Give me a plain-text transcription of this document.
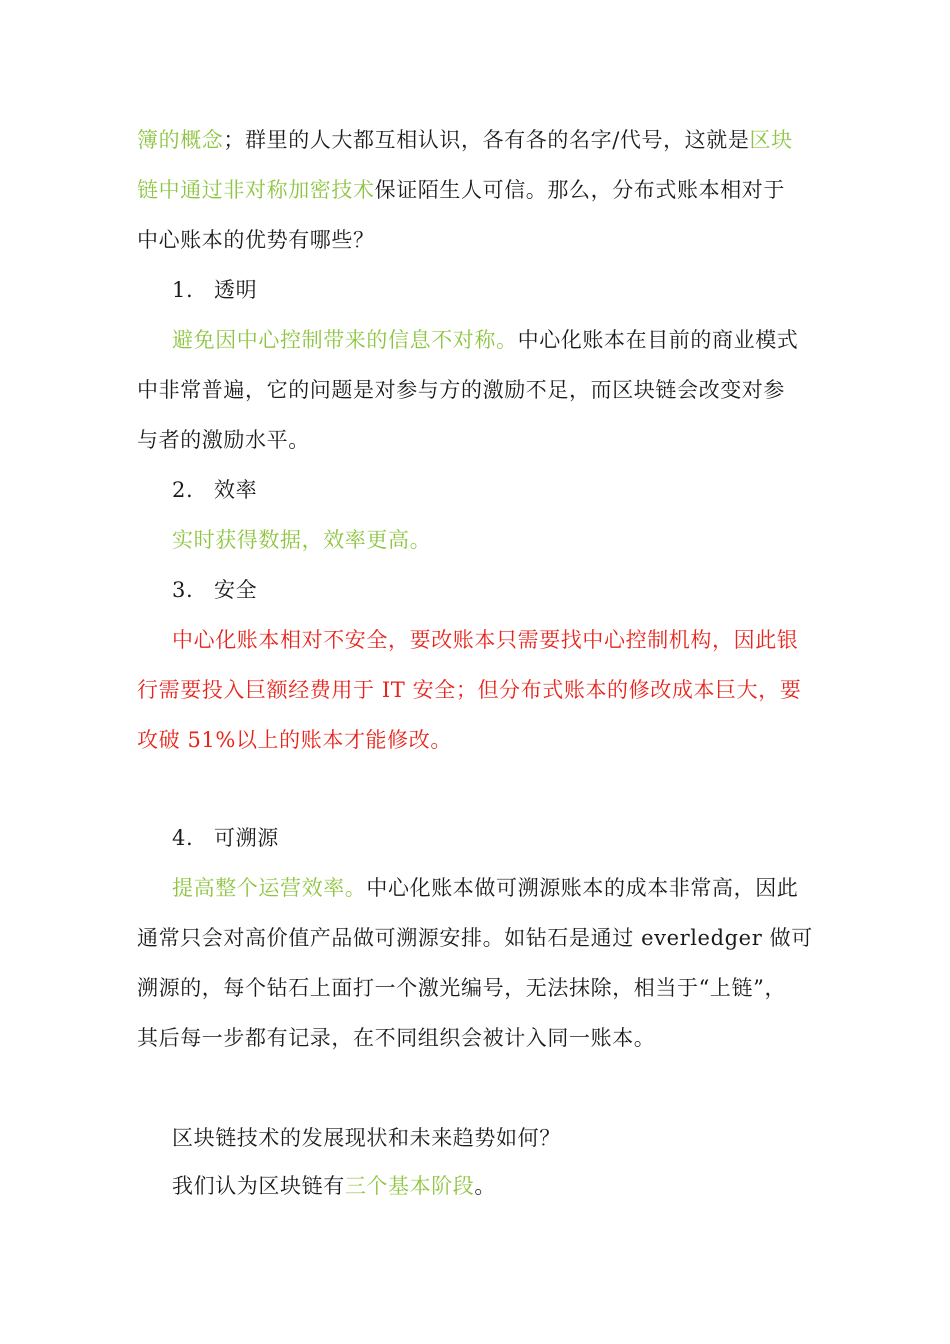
簿的概念；群里的人大都互相认识，各有各的名字/代号，这就是区块
链中通过非对称加密技术保证陌生人可信。那么，分布式账本相对于
中心账本的优势有哪些？
1. 透明
避免因中心控制带来的信息不对称。中心化账本在目前的商业模式
中非常普遍，它的问题是对参与方的激励不足，而区块链会改变对参
与者的激励水平。
2. 效率
实时获得数据，效率更高。
3. 安全
中心化账本相对不安全，要改账本只需要找中心控制机构，因此银
行需要投入巨额经费用于 IT 安全；但分布式账本的修改成本巨大，要
攻破 51%以上的账本才能修改。
4. 可溯源
提高整个运营效率。中心化账本做可溯源账本的成本非常高，因此
通常只会对高价值产品做可溯源安排。如钻石是通过 everledger 做可
溯源的，每个钻石上面打一个激光编号，无法抹除，相当于“上链”，
其后每一步都有记录，在不同组织会被计入同一账本。
区块链技术的发展现状和未来趋势如何？
我们认为区块链有三个基本阶段。
